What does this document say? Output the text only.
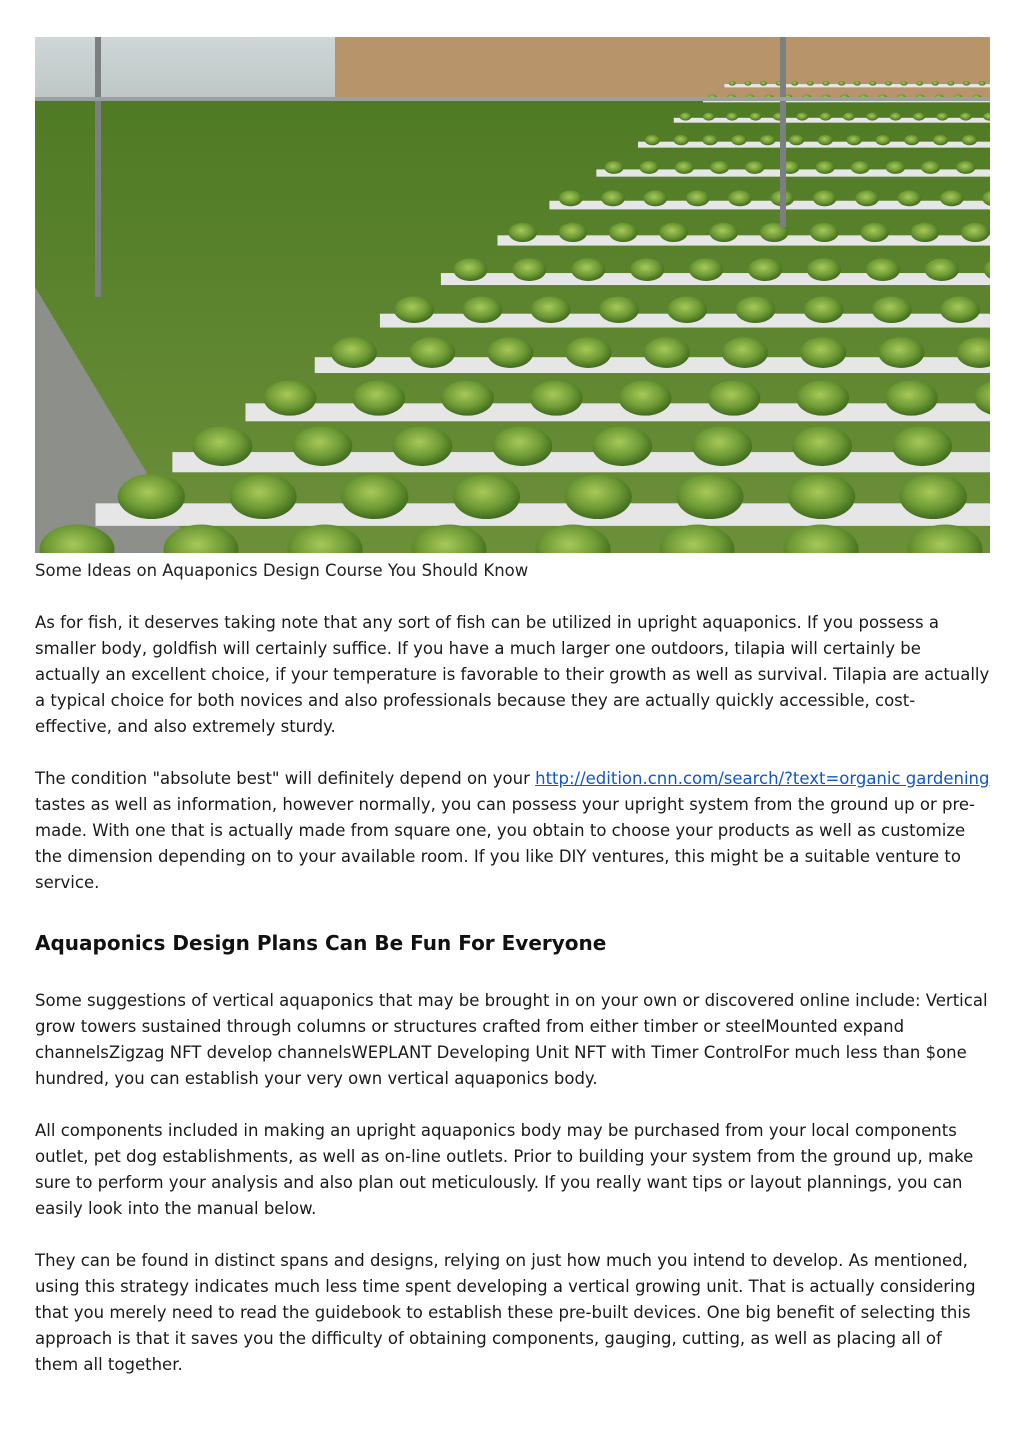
Some Ideas on Aquaponics Design Course You Should Know

As for fish, it deserves taking note that any sort of fish can be utilized in upright aquaponics. If you possess a smaller body, goldfish will certainly suffice. If you have a much larger one outdoors, tilapia will certainly be actually an excellent choice, if your temperature is favorable to their growth as well as survival. Tilapia are actually a typical choice for both novices and also professionals because they are actually quickly accessible, cost-effective, and also extremely sturdy.

The condition "absolute best" will definitely depend on your http://edition.cnn.com/search/?text=organic gardening tastes as well as information, however normally, you can possess your upright system from the ground up or pre-made. With one that is actually made from square one, you obtain to choose your products as well as customize the dimension depending on to your available room. If you like DIY ventures, this might be a suitable venture to service.

Aquaponics Design Plans Can Be Fun For Everyone

Some suggestions of vertical aquaponics that may be brought in on your own or discovered online include: Vertical grow towers sustained through columns or structures crafted from either timber or steelMounted expand channelsZigzag NFT develop channelsWEPLANT Developing Unit NFT with Timer ControlFor much less than $one hundred, you can establish your very own vertical aquaponics body.

All components included in making an upright aquaponics body may be purchased from your local components outlet, pet dog establishments, as well as on-line outlets. Prior to building your system from the ground up, make sure to perform your analysis and also plan out meticulously. If you really want tips or layout plannings, you can easily look into the manual below.

They can be found in distinct spans and designs, relying on just how much you intend to develop. As mentioned, using this strategy indicates much less time spent developing a vertical growing unit. That is actually considering that you merely need to read the guidebook to establish these pre-built devices. One big benefit of selecting this approach is that it saves you the difficulty of obtaining components, gauging, cutting, as well as placing all of them all together.
